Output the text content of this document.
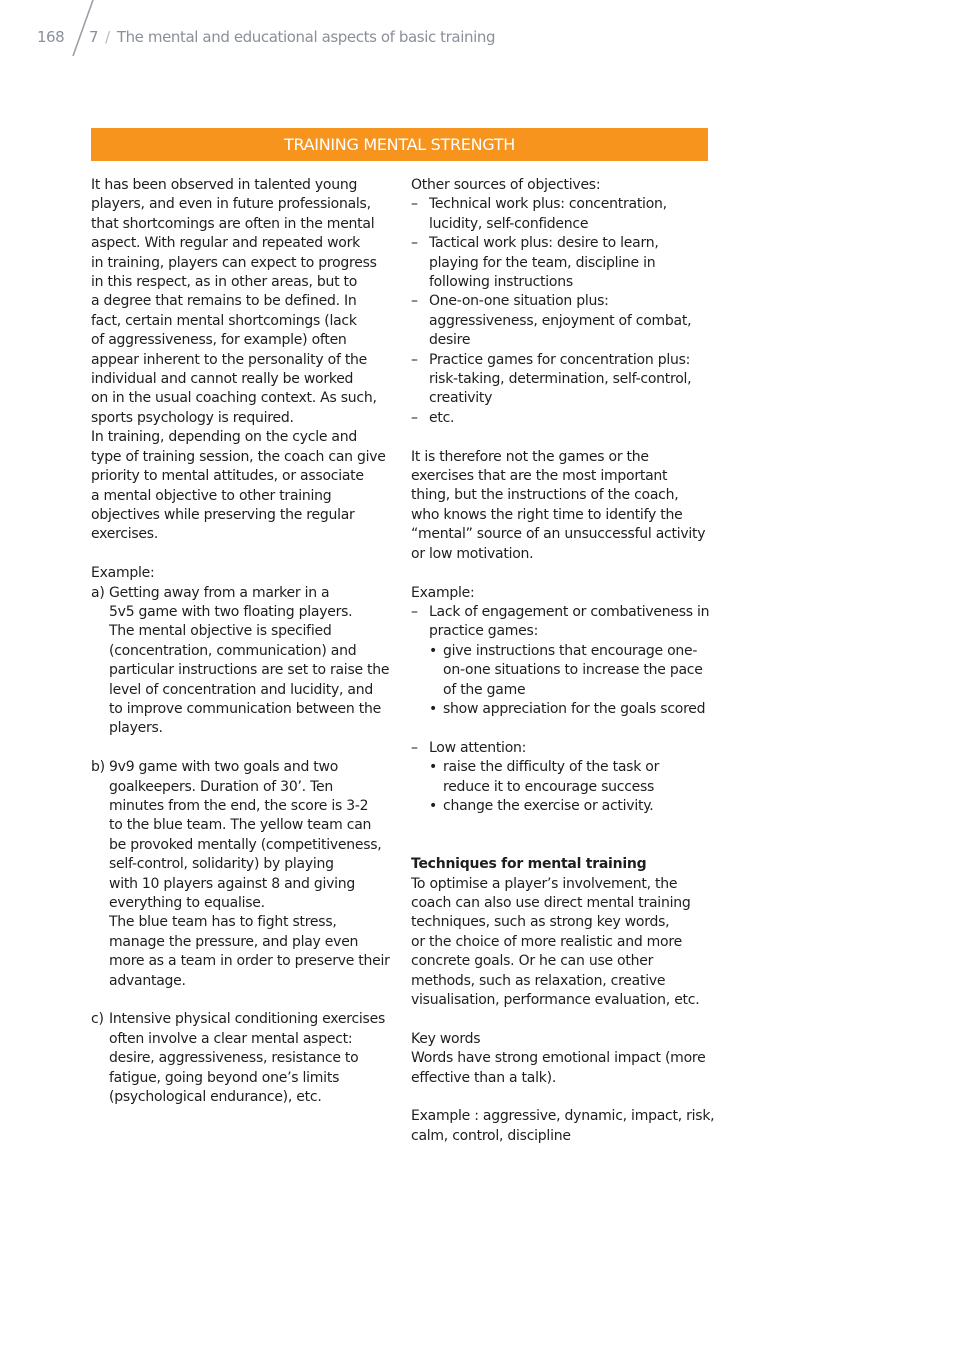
168 7 / The mental and educational aspects of basic training
TRAINING MENTAL STRENGTH
It has been observed in talented young
players, and even in future professionals,
that shortcomings are often in the mental
aspect. With regular and repeated work
in training, players can expect to progress
in this respect, as in other areas, but to
a degree that remains to be defined. In
fact, certain mental shortcomings (lack
of aggressiveness, for example) often
appear inherent to the personality of the
individual and cannot really be worked
on in the usual coaching context. As such,
sports psychology is required.
In training, depending on the cycle and
type of training session, the coach can give
priority to mental attitudes, or associate
a mental objective to other training
objectives while preserving the regular
exercises.
Example:
a) Getting away from a marker in a
5v5 game with two floating players.
The mental objective is specified
(concentration, communication) and
particular instructions are set to raise the
level of concentration and lucidity, and
to improve communication between the
players.
b) 9v9 game with two goals and two
goalkeepers. Duration of 30’. Ten
minutes from the end, the score is 3-2
to the blue team. The yellow team can
be provoked mentally (competitiveness,
self-control, solidarity) by playing
with 10 players against 8 and giving
everything to equalise.
The blue team has to fight stress,
manage the pressure, and play even
more as a team in order to preserve their
advantage.
c) Intensive physical conditioning exercises
often involve a clear mental aspect:
desire, aggressiveness, resistance to
fatigue, going beyond one’s limits
(psychological endurance), etc.
Other sources of objectives:
– Technical work plus: concentration,
lucidity, self-confidence
– Tactical work plus: desire to learn,
playing for the team, discipline in
following instructions
– One-on-one situation plus:
aggressiveness, enjoyment of combat,
desire
– Practice games for concentration plus:
risk-taking, determination, self-control,
creativity
– etc.
It is therefore not the games or the
exercises that are the most important
thing, but the instructions of the coach,
who knows the right time to identify the
“mental” source of an unsuccessful activity
or low motivation.
Example:
– Lack of engagement or combativeness in
practice games:
• give instructions that encourage one-
on-one situations to increase the pace
of the game
• show appreciation for the goals scored
– Low attention:
• raise the difficulty of the task or
reduce it to encourage success
• change the exercise or activity.
Techniques for mental training
To optimise a player’s involvement, the
coach can also use direct mental training
techniques, such as strong key words,
or the choice of more realistic and more
concrete goals. Or he can use other
methods, such as relaxation, creative
visualisation, performance evaluation, etc.
Key words
Words have strong emotional impact (more
effective than a talk).
Example : aggressive, dynamic, impact, risk,
calm, control, discipline
